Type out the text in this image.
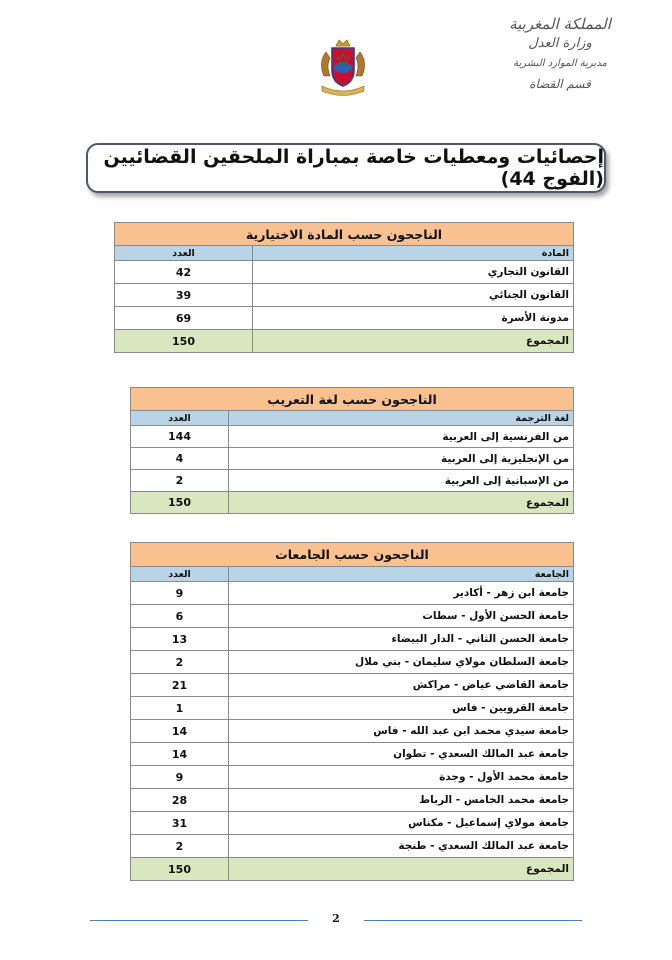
المملكة المغربية
وزارة العدل
مديرية الموارد البشرية
قسم القضاة
إحصائيات ومعطيات خاصة بمباراة الملحقين القضائيين (الفوج 44)
الناجحون حسب المادة الاختيارية	
المادة	العدد
القانون التجاري	42
القانون الجنائي	39
مدونة الأسرة	69
المجموع	150
الناجحون حسب لغة التعريب	
لغة الترجمة	العدد
من الفرنسية إلى العربية	144
من الإنجليزية إلى العربية	4
من الإسبانية إلى العربية	2
المجموع	150
الناجحون حسب الجامعات	
الجامعة	العدد
جامعة ابن زهر - أكادير	9
جامعة الحسن الأول - سطات	6
جامعة الحسن الثاني - الدار البيضاء	13
جامعة السلطان مولاي سليمان - بني ملال	2
جامعة القاضي عياض - مراكش	21
جامعة القرويين - فاس	1
جامعة سيدي محمد ابن عبد الله - فاس	14
جامعة عبد المالك السعدي - تطوان	14
جامعة محمد الأول - وجدة	9
جامعة محمد الخامس - الرباط	28
جامعة مولاي إسماعيل - مكناس	31
جامعة عبد المالك السعدي - طنجة	2
المجموع	150
2
